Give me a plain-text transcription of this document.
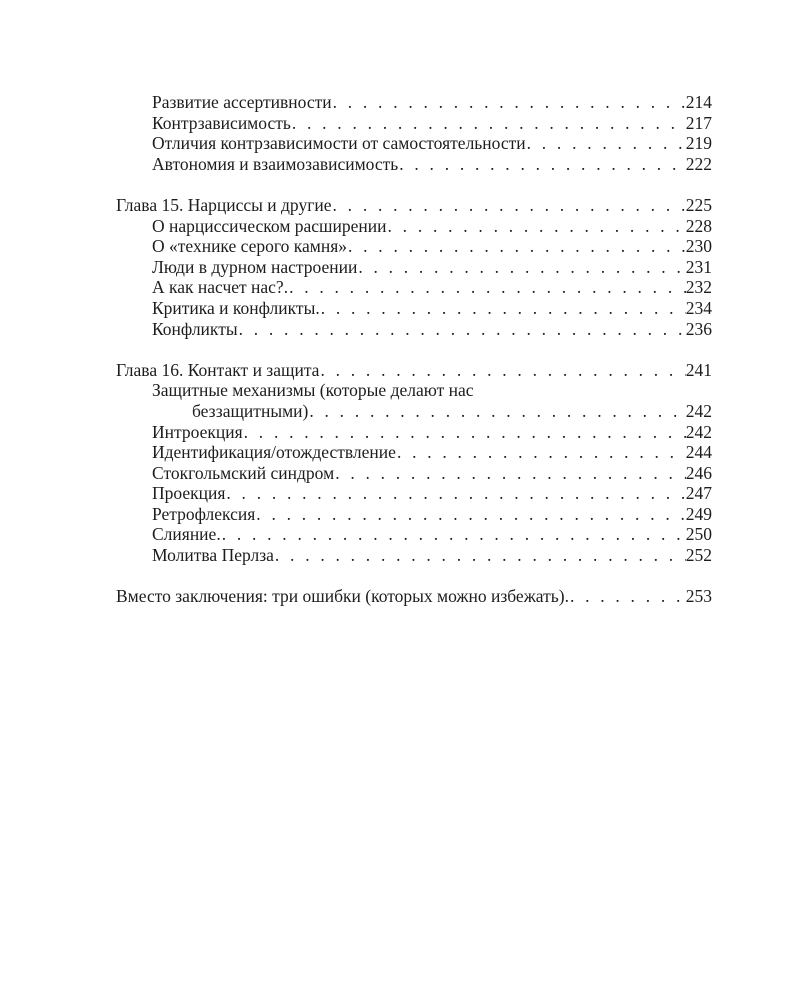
Развитие ассертивности . . .	214
Контрзависимость . . .	217
Отличия контрзависимости от самостоятельности . . .	219
Автономия и взаимозависимость . . .	222
Глава 15. Нарциссы и другие . . .	225
О нарциссическом расширении . . .	228
О «технике серого камня» . . .	230
Люди в дурном настроении . . .	231
А как насчет нас?. . . .	232
Критика и конфликты. . . .	234
Конфликты . . .	236
Глава 16. Контакт и защита . . .	241
Защитные механизмы (которые делают нас
беззащитными) . . .	242
Интроекция . . .	242
Идентификация/отождествление . . .	244
Стокгольмский синдром . . .	246
Проекция . . .	247
Ретрофлексия . . .	249
Слияние. . . .	250
Молитва Перлза . . .	252
Вместо заключения: три ошибки (которых можно избежать). . . .	253
